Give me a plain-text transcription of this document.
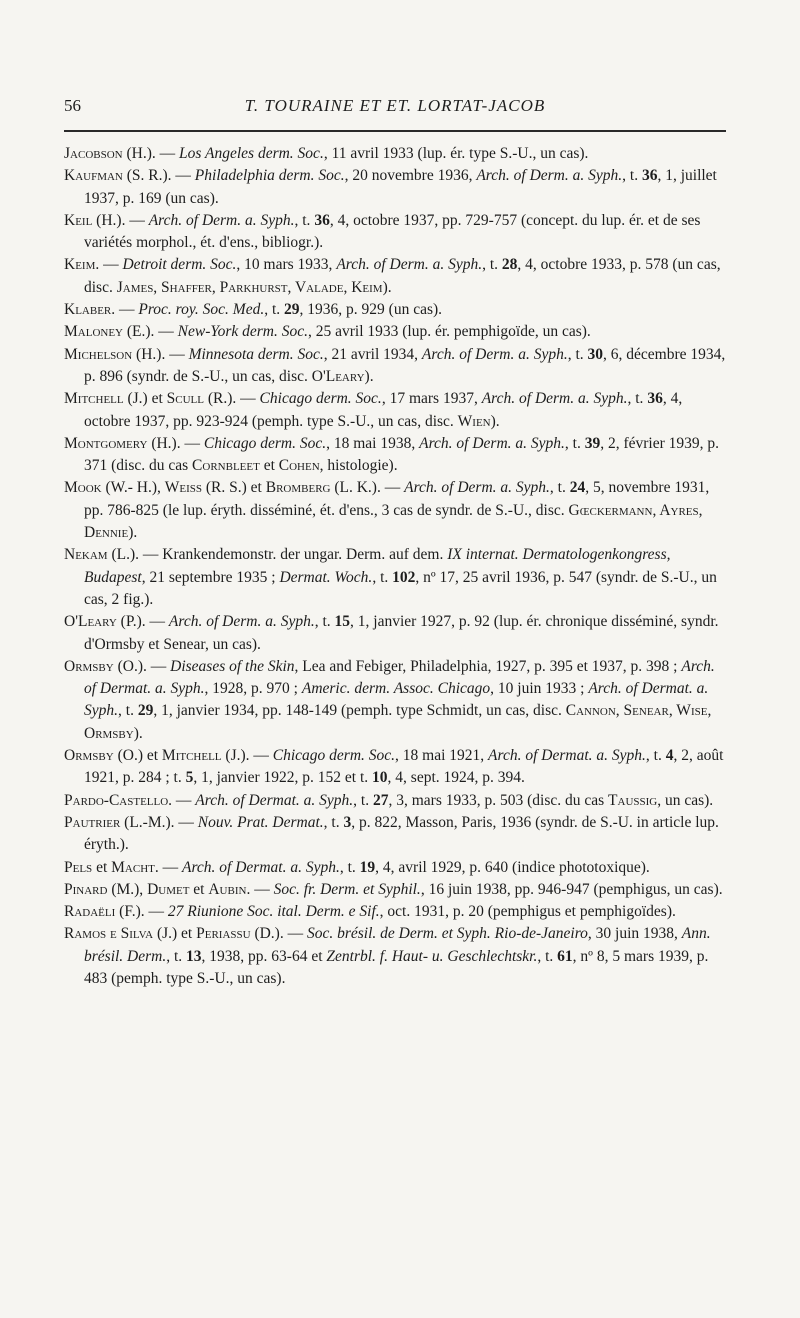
56	T. TOURAINE ET ET. LORTAT-JACOB

Jacobson (H.). — Los Angeles derm. Soc., 11 avril 1933 (lup. ér. type S.-U., un cas).

Kaufman (S. R.). — Philadelphia derm. Soc., 20 novembre 1936, Arch. of Derm. a. Syph., t. 36, 1, juillet 1937, p. 169 (un cas).

Keil (H.). — Arch. of Derm. a. Syph., t. 36, 4, octobre 1937, pp. 729-757 (concept. du lup. ér. et de ses variétés morphol., ét. d'ens., bibliogr.).

Keim. — Detroit derm. Soc., 10 mars 1933, Arch. of Derm. a. Syph., t. 28, 4, octobre 1933, p. 578 (un cas, disc. James, Shaffer, Parkhurst, Valade, Keim).

Klaber. — Proc. roy. Soc. Med., t. 29, 1936, p. 929 (un cas).

Maloney (E.). — New-York derm. Soc., 25 avril 1933 (lup. ér. pemphigoïde, un cas).

Michelson (H.). — Minnesota derm. Soc., 21 avril 1934, Arch. of Derm. a. Syph., t. 30, 6, décembre 1934, p. 896 (syndr. de S.-U., un cas, disc. O'Leary).

Mitchell (J.) et Scull (R.). — Chicago derm. Soc., 17 mars 1937, Arch. of Derm. a. Syph., t. 36, 4, octobre 1937, pp. 923-924 (pemph. type S.-U., un cas, disc. Wien).

Montgomery (H.). — Chicago derm. Soc., 18 mai 1938, Arch. of Derm. a. Syph., t. 39, 2, février 1939, p. 371 (disc. du cas Cornbleet et Cohen, histologie).

Mook (W.- H.), Weiss (R. S.) et Bromberg (L. K.). — Arch. of Derm. a. Syph., t. 24, 5, novembre 1931, pp. 786-825 (le lup. éryth. disséminé, ét. d'ens., 3 cas de syndr. de S.-U., disc. Gœckermann, Ayres, Dennie).

Nekam (L.). — Krankendemonstr. der ungar. Derm. auf dem. IX internat. Dermatologenkongress, Budapest, 21 septembre 1935 ; Dermat. Woch., t. 102, nº 17, 25 avril 1936, p. 547 (syndr. de S.-U., un cas, 2 fig.).

O'Leary (P.). — Arch. of Derm. a. Syph., t. 15, 1, janvier 1927, p. 92 (lup. ér. chronique disséminé, syndr. d'Ormsby et Senear, un cas).

Ormsby (O.). — Diseases of the Skin, Lea and Febiger, Philadelphia, 1927, p. 395 et 1937, p. 398 ; Arch. of Dermat. a. Syph., 1928, p. 970 ; Americ. derm. Assoc. Chicago, 10 juin 1933 ; Arch. of Dermat. a. Syph., t. 29, 1, janvier 1934, pp. 148-149 (pemph. type Schmidt, un cas, disc. Cannon, Senear, Wise, Ormsby).

Ormsby (O.) et Mitchell (J.). — Chicago derm. Soc., 18 mai 1921, Arch. of Dermat. a. Syph., t. 4, 2, août 1921, p. 284 ; t. 5, 1, janvier 1922, p. 152 et t. 10, 4, sept. 1924, p. 394.

Pardo-Castello. — Arch. of Dermat. a. Syph., t. 27, 3, mars 1933, p. 503 (disc. du cas Taussig, un cas).

Pautrier (L.-M.). — Nouv. Prat. Dermat., t. 3, p. 822, Masson, Paris, 1936 (syndr. de S.-U. in article lup. éryth.).

Pels et Macht. — Arch. of Dermat. a. Syph., t. 19, 4, avril 1929, p. 640 (indice phototoxique).

Pinard (M.), Dumet et Aubin. — Soc. fr. Derm. et Syphil., 16 juin 1938, pp. 946-947 (pemphigus, un cas).

Radaëli (F.). — 27 Riunione Soc. ital. Derm. e Sif., oct. 1931, p. 20 (pemphigus et pemphigoïdes).

Ramos e Silva (J.) et Periassu (D.). — Soc. brésil. de Derm. et Syph. Rio-de-Janeiro, 30 juin 1938, Ann. brésil. Derm., t. 13, 1938, pp. 63-64 et Zentrbl. f. Haut- u. Geschlechtskr., t. 61, nº 8, 5 mars 1939, p. 483 (pemph. type S.-U., un cas).
